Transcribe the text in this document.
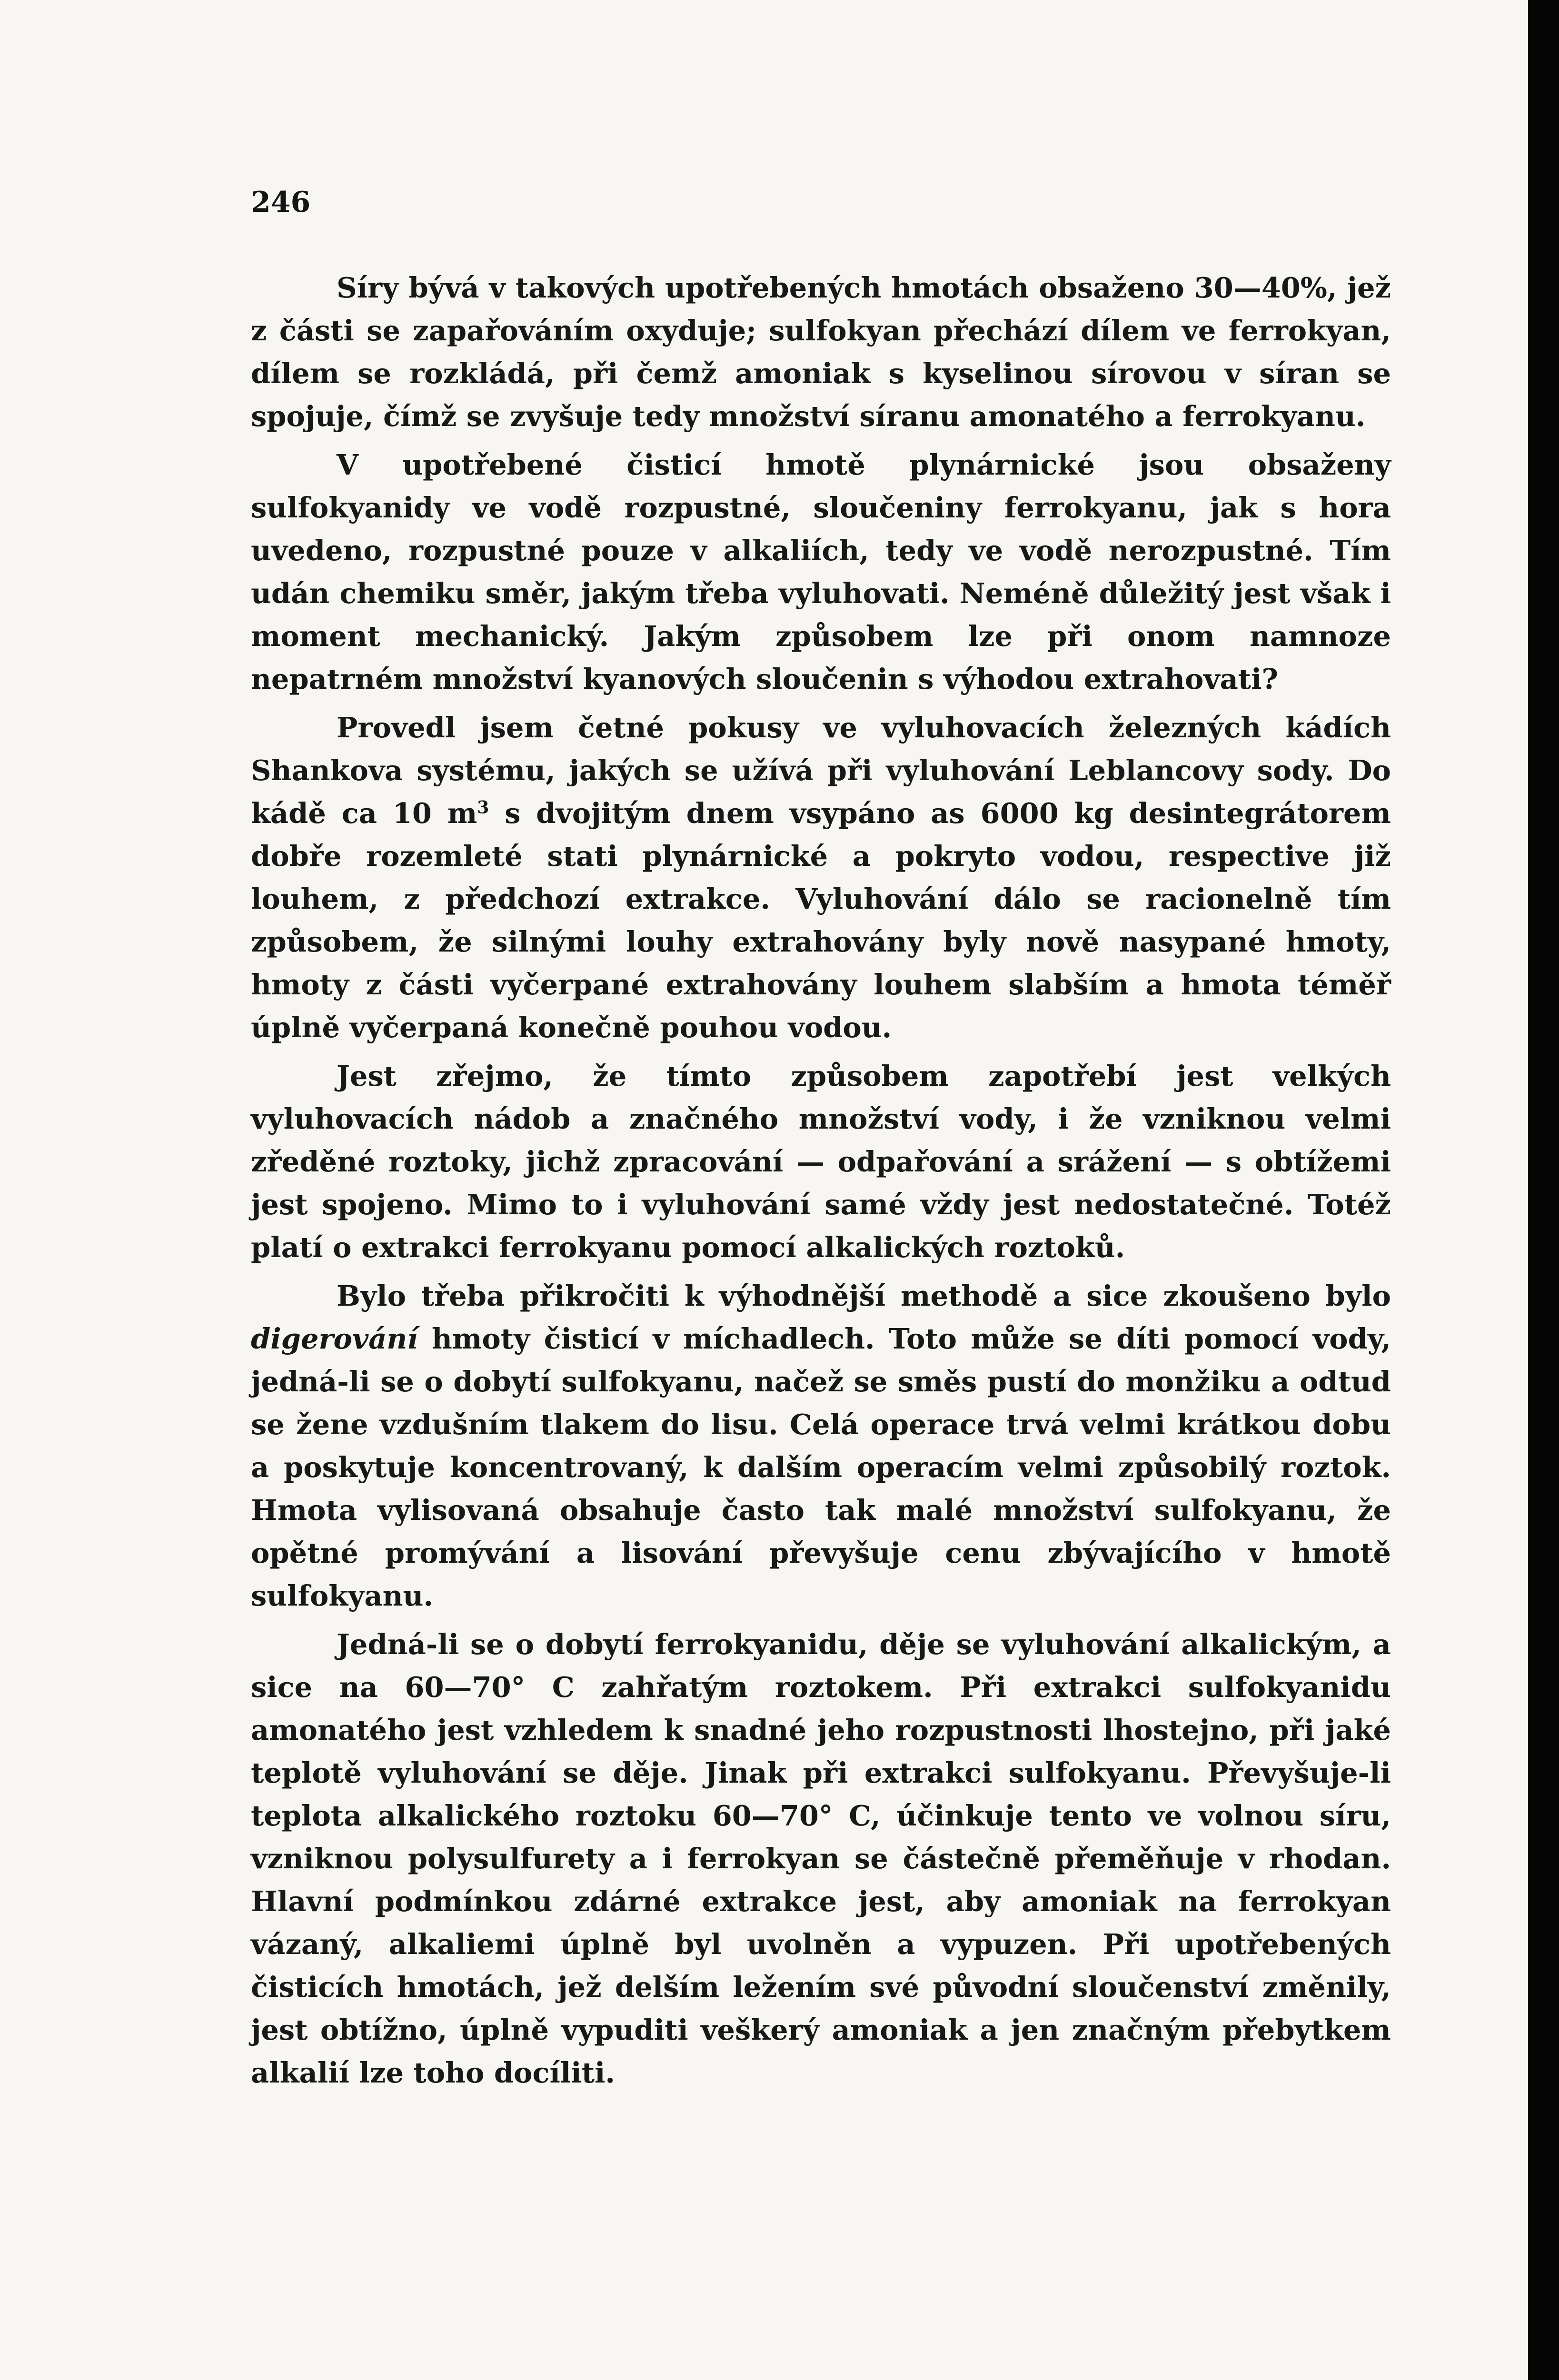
246

Síry bývá v takových upotřebených hmotách obsaženo 30—40%, jež z části se zapařováním oxyduje; sulfokyan přechází dílem ve ferrokyan, dílem se rozkládá, při čemž amoniak s kyselinou sírovou v síran se spojuje, čímž se zvyšuje tedy množství síranu amonatého a ferrokyanu.

V upotřebené čisticí hmotě plynárnické jsou obsaženy sulfokyanidy ve vodě rozpustné, sloučeniny ferrokyanu, jak s hora uvedeno, rozpustné pouze v alkaliích, tedy ve vodě nerozpustné. Tím udán chemiku směr, jakým třeba vyluhovati. Neméně důležitý jest však i moment mechanický. Jakým způsobem lze při onom namnoze nepatrném množství kyanových sloučenin s výhodou extrahovati?

Provedl jsem četné pokusy ve vyluhovacích železných kádích Shankova systému, jakých se užívá při vyluhování Leblancovy sody. Do kádě ca 10 $m^3$ s dvojitým dnem vsypáno as 6000 kg desintegrátorem dobře rozemleté stati plynárnické a pokryto vodou, respective již louhem, z předchozí extrakce. Vyluhování dálo se racionelně tím způsobem, že silnými louhy extrahovány byly nově nasypané hmoty, hmoty z části vyčerpané extrahovány louhem slabším a hmota téměř úplně vyčerpaná konečně pouhou vodou.

Jest zřejmo, že tímto způsobem zapotřebí jest velkých vyluhovacích nádob a značného množství vody, i že vzniknou velmi zředěné roztoky, jichž zpracování — odpařování a srážení — s obtížemi jest spojeno. Mimo to i vyluhování samé vždy jest nedostatečné. Totéž platí o extrakci ferrokyanu pomocí alkalických roztoků.

Bylo třeba přikročiti k výhodnější methodě a sice zkoušeno bylo digerování hmoty čisticí v míchadlech. Toto může se díti pomocí vody, jedná-li se o dobytí sulfokyanu, načež se směs pustí do monžiku a odtud se žene vzdušním tlakem do lisu. Celá operace trvá velmi krátkou dobu a poskytuje koncentrovaný, k dalším operacím velmi způsobilý roztok. Hmota vylisovaná obsahuje často tak malé množství sulfokyanu, že opětné promývání a lisování převyšuje cenu zbývajícího v hmotě sulfokyanu.

Jedná-li se o dobytí ferrokyanidu, děje se vyluhování alkalickým, a sice na 60—70° C zahřatým roztokem. Při extrakci sulfokyanidu amonatého jest vzhledem k snadné jeho rozpustnosti lhostejno, při jaké teplotě vyluhování se děje. Jinak při extrakci sulfokyanu. Převyšuje-li teplota alkalického roztoku 60—70° C, účinkuje tento ve volnou síru, vzniknou polysulfurety a i ferrokyan se částečně přeměňuje v rhodan. Hlavní podmínkou zdárné extrakce jest, aby amoniak na ferrokyan vázaný, alkaliemi úplně byl uvolněn a vypuzen. Při upotřebených čisticích hmotách, jež delším ležením své původní sloučenství změnily, jest obtížno, úplně vypuditi veškerý amoniak a jen značným přebytkem alkalií lze toho docíliti.
